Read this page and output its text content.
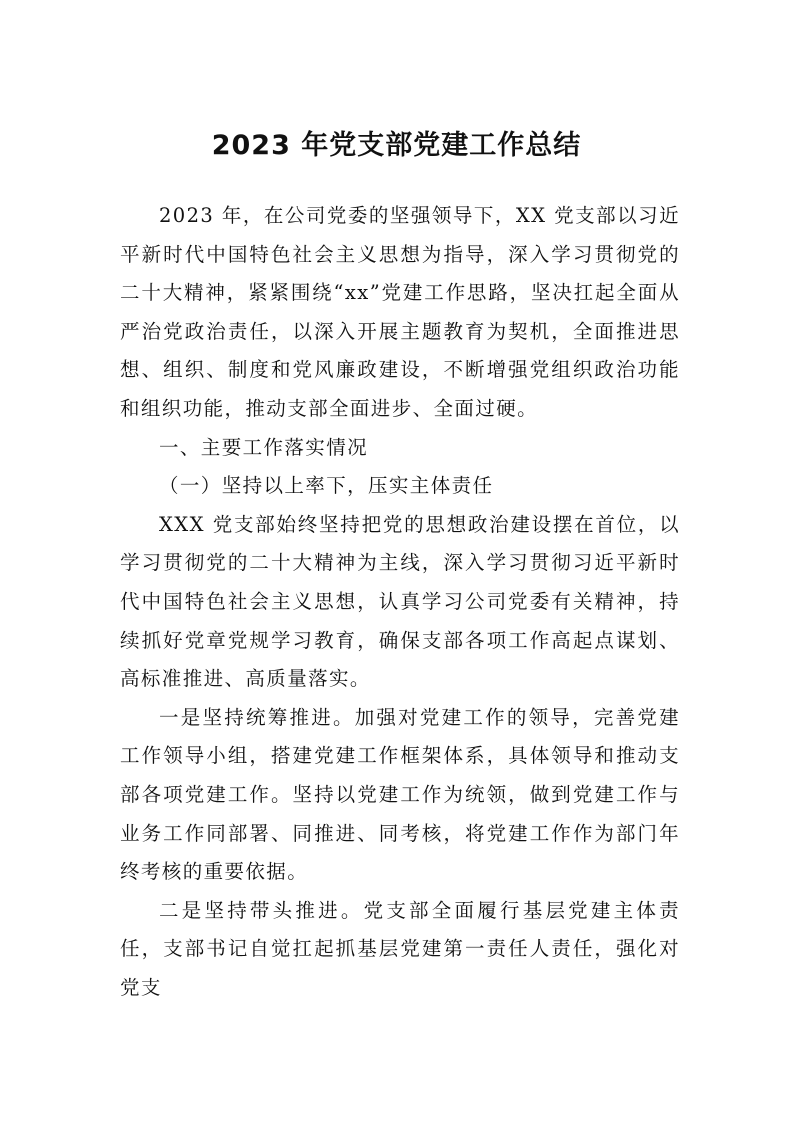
2023 年党支部党建工作总结

2023 年，在公司党委的坚强领导下，XX 党支部以习近平新时代中国特色社会主义思想为指导，深入学习贯彻党的二十大精神，紧紧围绕“xx”党建工作思路，坚决扛起全面从严治党政治责任，以深入开展主题教育为契机，全面推进思想、组织、制度和党风廉政建设，不断增强党组织政治功能和组织功能，推动支部全面进步、全面过硬。

一、主要工作落实情况

（一）坚持以上率下，压实主体责任

XXX 党支部始终坚持把党的思想政治建设摆在首位，以学习贯彻党的二十大精神为主线，深入学习贯彻习近平新时代中国特色社会主义思想，认真学习公司党委有关精神，持续抓好党章党规学习教育，确保支部各项工作高起点谋划、高标准推进、高质量落实。

一是坚持统筹推进。加强对党建工作的领导，完善党建工作领导小组，搭建党建工作框架体系，具体领导和推动支部各项党建工作。坚持以党建工作为统领，做到党建工作与业务工作同部署、同推进、同考核，将党建工作作为部门年终考核的重要依据。

二是坚持带头推进。党支部全面履行基层党建主体责任，支部书记自觉扛起抓基层党建第一责任人责任，强化对党支
